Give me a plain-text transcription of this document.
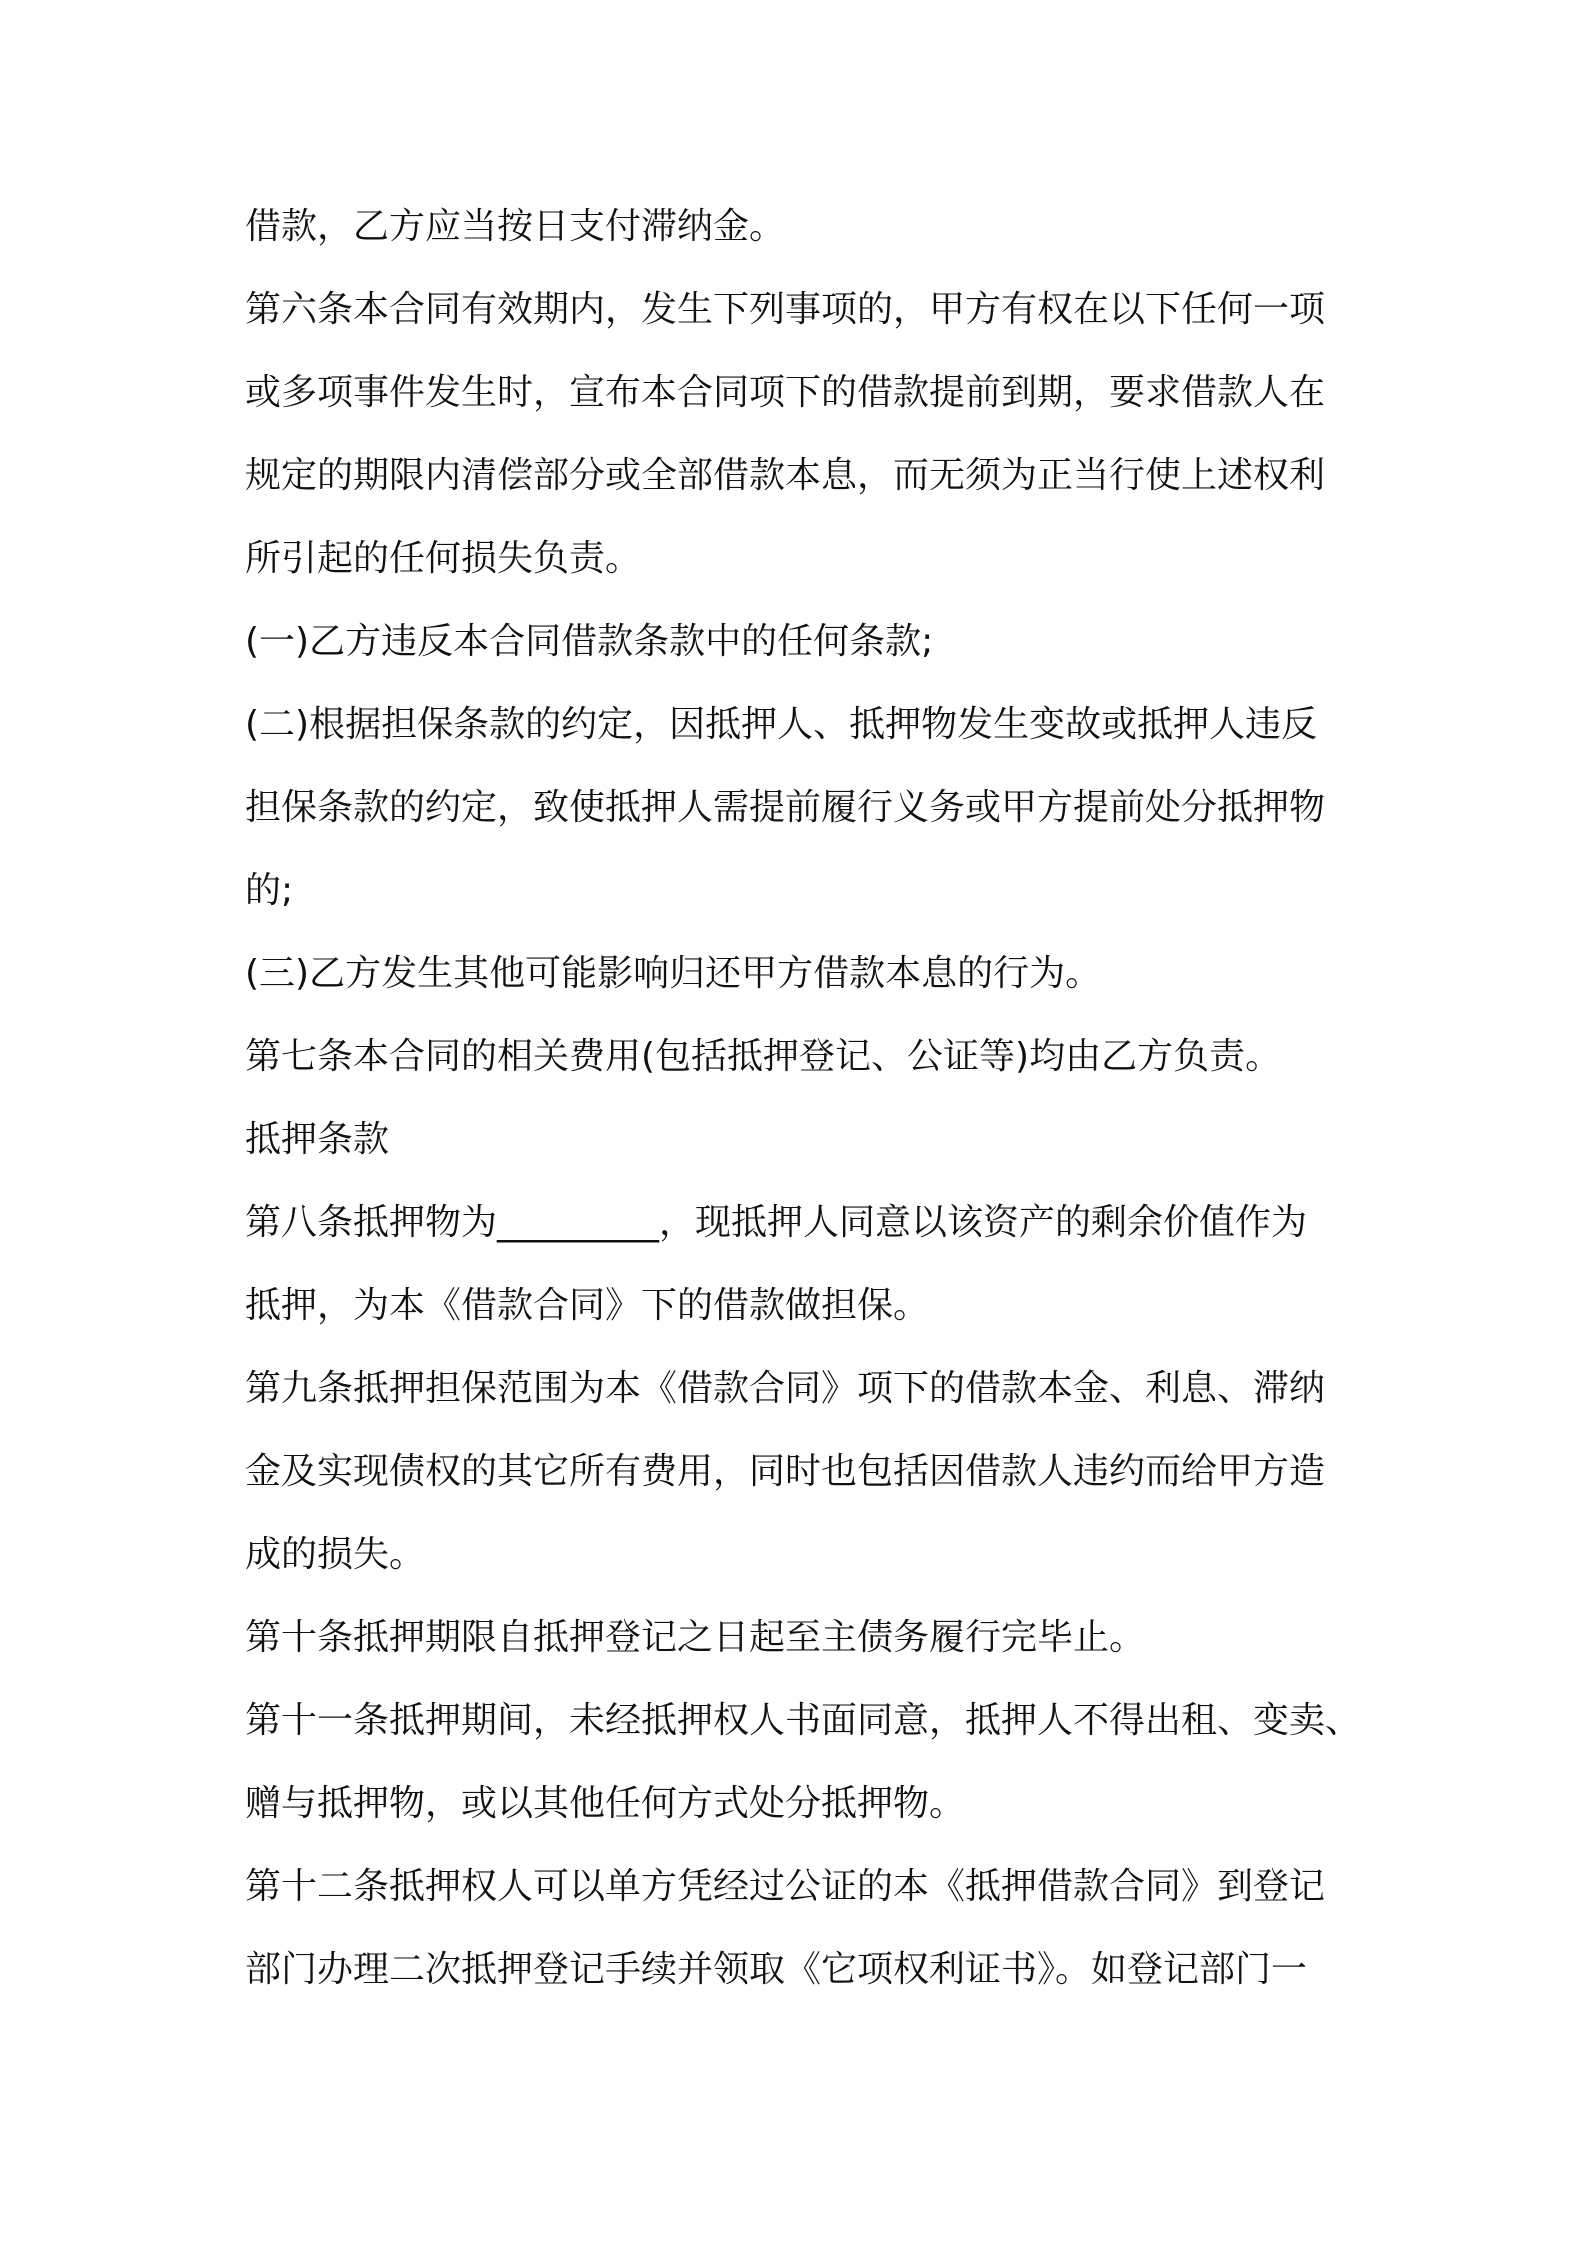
借款，乙方应当按日支付滞纳金。
第六条本合同有效期内，发生下列事项的，甲方有权在以下任何一项
或多项事件发生时，宣布本合同项下的借款提前到期，要求借款人在
规定的期限内清偿部分或全部借款本息，而无须为正当行使上述权利
所引起的任何损失负责。
(一)乙方违反本合同借款条款中的任何条款;
(二)根据担保条款的约定，因抵押人、抵押物发生变故或抵押人违反
担保条款的约定，致使抵押人需提前履行义务或甲方提前处分抵押物
的;
(三)乙方发生其他可能影响归还甲方借款本息的行为。
第七条本合同的相关费用(包括抵押登记、公证等)均由乙方负责。
抵押条款
第八条抵押物为_________，现抵押人同意以该资产的剩余价值作为
抵押，为本《借款合同》下的借款做担保。
第九条抵押担保范围为本《借款合同》项下的借款本金、利息、滞纳
金及实现债权的其它所有费用，同时也包括因借款人违约而给甲方造
成的损失。
第十条抵押期限自抵押登记之日起至主债务履行完毕止。
第十一条抵押期间，未经抵押权人书面同意，抵押人不得出租、变卖、
赠与抵押物，或以其他任何方式处分抵押物。
第十二条抵押权人可以单方凭经过公证的本《抵押借款合同》到登记
部门办理二次抵押登记手续并领取《它项权利证书》。如登记部门一
